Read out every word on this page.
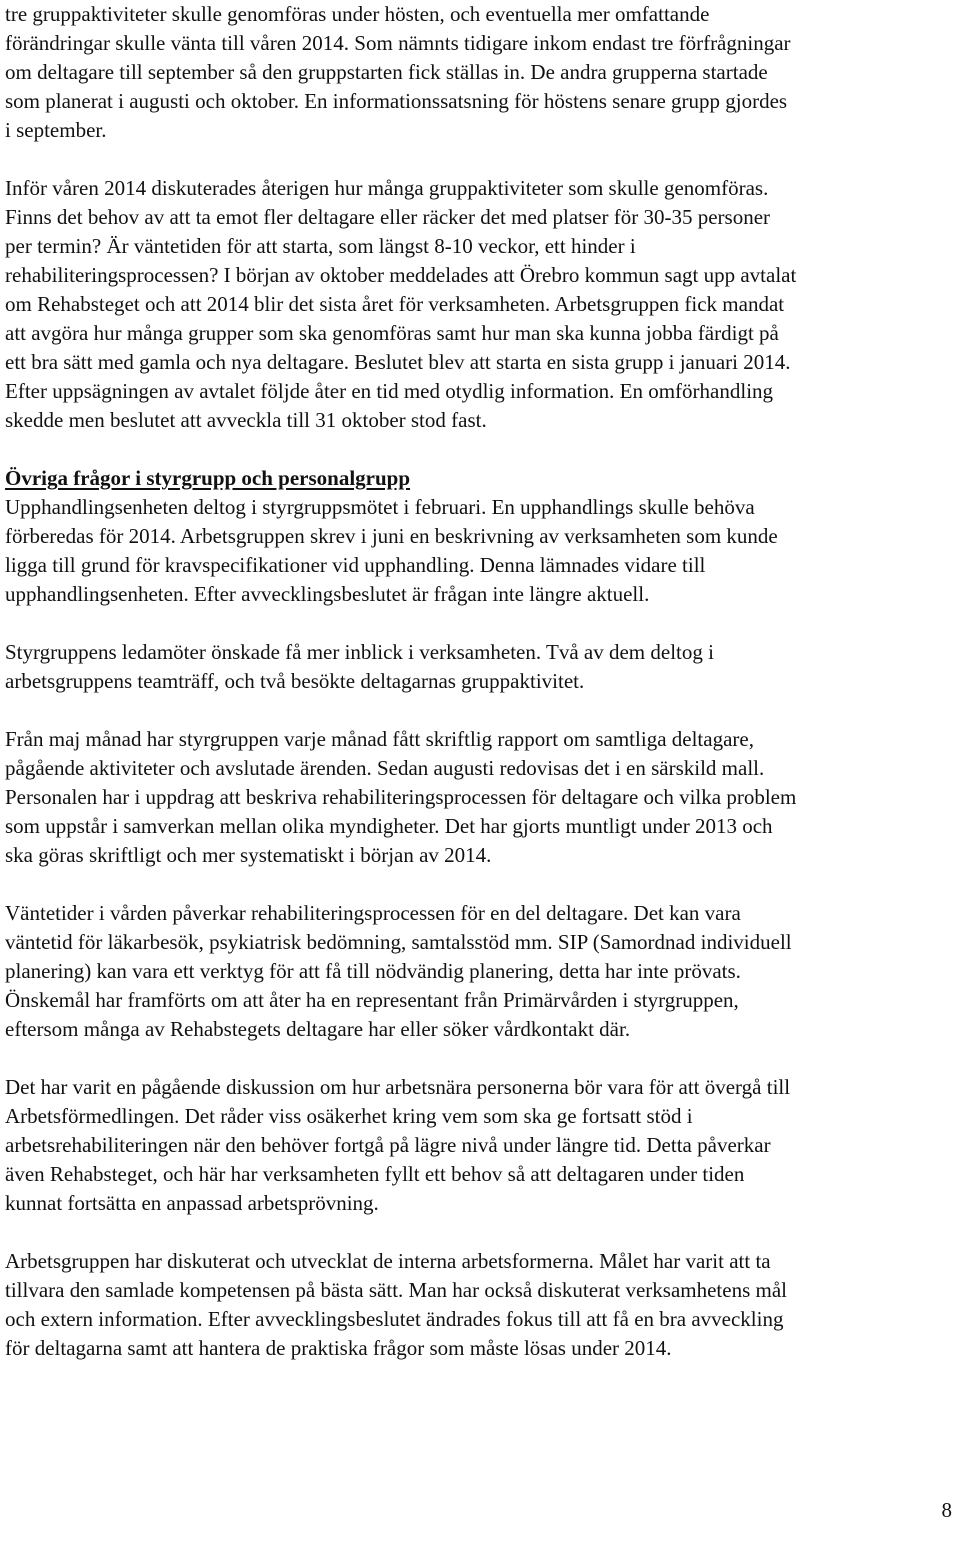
tre gruppaktiviteter skulle genomföras under hösten, och eventuella mer omfattande
förändringar skulle vänta till våren 2014. Som nämnts tidigare inkom endast tre förfrågningar
om deltagare till september så den gruppstarten fick ställas in. De andra grupperna startade
som planerat i augusti och oktober. En informationssatsning för höstens senare grupp gjordes
i september.

Inför våren 2014 diskuterades återigen hur många gruppaktiviteter som skulle genomföras.
Finns det behov av att ta emot fler deltagare eller räcker det med platser för 30-35 personer
per termin? Är väntetiden för att starta, som längst 8-10 veckor, ett hinder i
rehabiliteringsprocessen? I början av oktober meddelades att Örebro kommun sagt upp avtalat
om Rehabsteget och att 2014 blir det sista året för verksamheten. Arbetsgruppen fick mandat
att avgöra hur många grupper som ska genomföras samt hur man ska kunna jobba färdigt på
ett bra sätt med gamla och nya deltagare. Beslutet blev att starta en sista grupp i januari 2014.
Efter uppsägningen av avtalet följde åter en tid med otydlig information. En omförhandling
skedde men beslutet att avveckla till 31 oktober stod fast.

Övriga frågor i styrgrupp och personalgrupp

Upphandlingsenheten deltog i styrgruppsmötet i februari. En upphandlings skulle behöva
förberedas för 2014. Arbetsgruppen skrev i juni en beskrivning av verksamheten som kunde
ligga till grund för kravspecifikationer vid upphandling. Denna lämnades vidare till
upphandlingsenheten. Efter avvecklingsbeslutet är frågan inte längre aktuell.

Styrgruppens ledamöter önskade få mer inblick i verksamheten. Två av dem deltog i
arbetsgruppens teamträff, och två besökte deltagarnas gruppaktivitet.

Från maj månad har styrgruppen varje månad fått skriftlig rapport om samtliga deltagare,
pågående aktiviteter och avslutade ärenden. Sedan augusti redovisas det i en särskild mall.
Personalen har i uppdrag att beskriva rehabiliteringsprocessen för deltagare och vilka problem
som uppstår i samverkan mellan olika myndigheter. Det har gjorts muntligt under 2013 och
ska göras skriftligt och mer systematiskt i början av 2014.

Väntetider i vården påverkar rehabiliteringsprocessen för en del deltagare. Det kan vara
väntetid för läkarbesök, psykiatrisk bedömning, samtalsstöd mm. SIP (Samordnad individuell
planering) kan vara ett verktyg för att få till nödvändig planering, detta har inte prövats.
Önskemål har framförts om att åter ha en representant från Primärvården i styrgruppen,
eftersom många av Rehabstegets deltagare har eller söker vårdkontakt där.

Det har varit en pågående diskussion om hur arbetsnära personerna bör vara för att övergå till
Arbetsförmedlingen. Det råder viss osäkerhet kring vem som ska ge fortsatt stöd i
arbetsrehabiliteringen när den behöver fortgå på lägre nivå under längre tid. Detta påverkar
även Rehabsteget, och här har verksamheten fyllt ett behov så att deltagaren under tiden
kunnat fortsätta en anpassad arbetsprövning.

Arbetsgruppen har diskuterat och utvecklat de interna arbetsformerna. Målet har varit att ta
tillvara den samlade kompetensen på bästa sätt. Man har också diskuterat verksamhetens mål
och extern information. Efter avvecklingsbeslutet ändrades fokus till att få en bra avveckling
för deltagarna samt att hantera de praktiska frågor som måste lösas under 2014.

8
